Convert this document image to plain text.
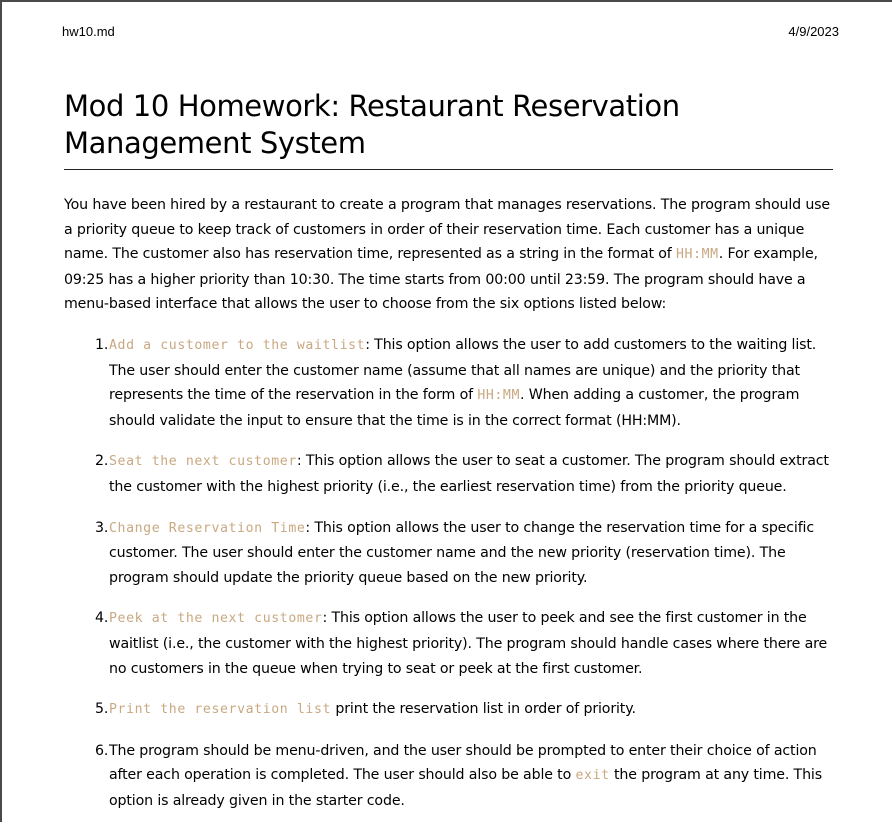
hw10.md	4/9/2023
Mod 10 Homework: Restaurant Reservation Management System

You have been hired by a restaurant to create a program that manages reservations. The program should use a priority queue to keep track of customers in order of their reservation time. Each customer has a unique name. The customer also has reservation time, represented as a string in the format of HH:MM. For example, 09:25 has a higher priority than 10:30. The time starts from 00:00 until 23:59. The program should have a menu-based interface that allows the user to choose from the six options listed below:

1. Add a customer to the waitlist: This option allows the user to add customers to the waiting list. The user should enter the customer name (assume that all names are unique) and the priority that represents the time of the reservation in the form of HH:MM. When adding a customer, the program should validate the input to ensure that the time is in the correct format (HH:MM).
2. Seat the next customer: This option allows the user to seat a customer. The program should extract the customer with the highest priority (i.e., the earliest reservation time) from the priority queue.
3. Change Reservation Time: This option allows the user to change the reservation time for a specific customer. The user should enter the customer name and the new priority (reservation time). The program should update the priority queue based on the new priority.
4. Peek at the next customer: This option allows the user to peek and see the first customer in the waitlist (i.e., the customer with the highest priority). The program should handle cases where there are no customers in the queue when trying to seat or peek at the first customer.
5. Print the reservation list print the reservation list in order of priority.
6. The program should be menu-driven, and the user should be prompted to enter their choice of action after each operation is completed. The user should also be able to exit the program at any time. This option is already given in the starter code.
